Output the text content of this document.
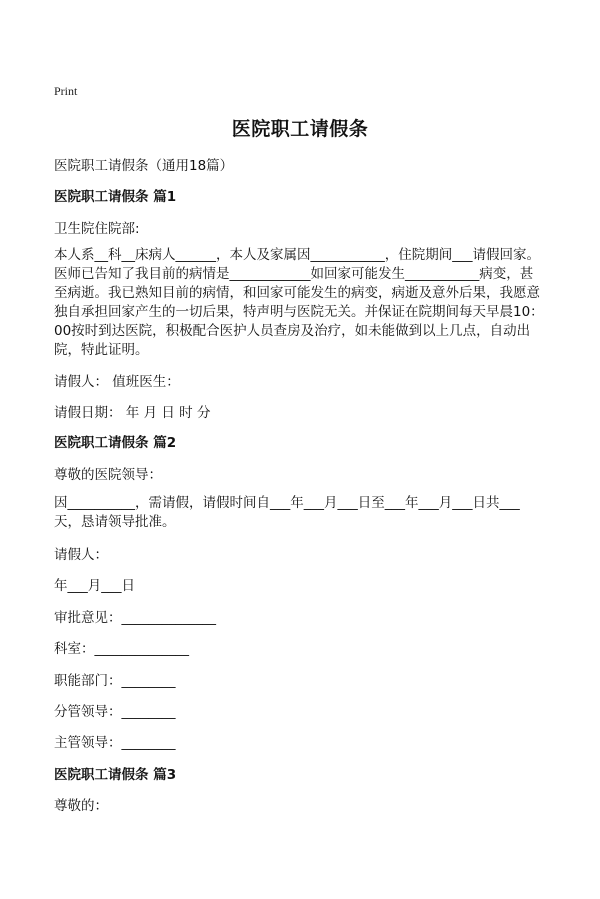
Print
医院职工请假条
医院职工请假条（通用18篇）
医院职工请假条 篇1
卫生院住院部:
本人系__科__床病人______，本人及家属因___________，住院期间___请假回家。医师已告知了我目前的病情是____________如回家可能发生___________病变，甚至病逝。我已熟知目前的病情，和回家可能发生的病变，病逝及意外后果，我愿意独自承担回家产生的一切后果，特声明与医院无关。并保证在院期间每天早晨10：00按时到达医院，积极配合医护人员查房及治疗，如未能做到以上几点，自动出院，特此证明。
请假人： 值班医生：
请假日期： 年 月 日 时 分
医院职工请假条 篇2
尊敬的医院领导：
因__________，需请假，请假时间自___年___月___日至___年___月___日共___天，恳请领导批准。
请假人：
年___月___日
审批意见：______________
科室：______________
职能部门：________
分管领导：________
主管领导：________
医院职工请假条 篇3
尊敬的：
